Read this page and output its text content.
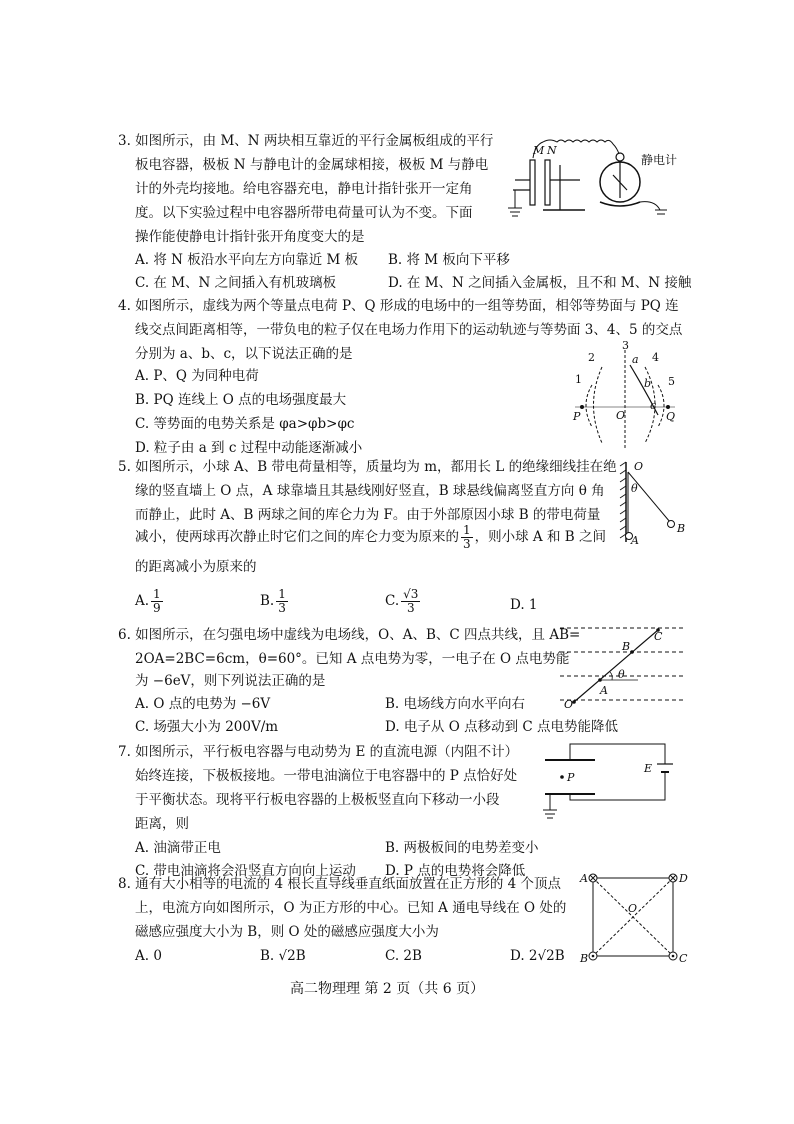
3. 如图所示，由 M、N 两块相互靠近的平行金属板组成的平行
板电容器，极板 N 与静电计的金属球相接，极板 M 与静电
计的外壳均接地。给电容器充电，静电计指针张开一定角
度。以下实验过程中电容器所带电荷量可认为不变。下面
操作能使静电计指针张开角度变大的是
A. 将 N 板沿水平向左方向靠近 M 板 B. 将 M 板向下平移
C. 在 M、N 之间插入有机玻璃板	D. 在 M、N 之间插入金属板，且不和 M、N 接触
M N
静电计
4. 如图所示，虚线为两个等量点电荷 P、Q 形成的电场中的一组等势面，相邻等势面与 PQ 连
线交点间距离相等，一带负电的粒子仅在电场力作用下的运动轨迹与等势面 3、4、5 的交点
分别为 a、b、c，以下说法正确的是
A. P、Q 为同种电荷
B. PQ 连线上 O 点的电场强度最大
C. 等势面的电势关系是 φa>φb>φc
D. 粒子由 a 到 c 过程中动能逐渐减小
1
2
3
4
5
P	Q
O
a
b
c
5. 如图所示，小球 A、B 带电荷量相等，质量均为 m，都用长 L 的绝缘细线挂在绝
缘的竖直墙上 O 点，A 球靠墙且其悬线刚好竖直，B 球悬线偏离竖直方向 θ 角
而静止，此时 A、B 两球之间的库仑力为 F。由于外部原因小球 B 的带电荷量
减小，使两球再次静止时它们之间的库仑力变为原来的 $\frac{1}{3}$ ，则小球 A 和 B 之间
的距离减小为原来的
A. $\frac{1}{9}$	B. $\frac{1}{3}$	C. $\frac{√3}{3}$	D. 1
O
θ
A
B
6. 如图所示，在匀强电场中虚线为电场线，O、A、B、C 四点共线，且 AB=
2OA=2BC=6cm，θ=60°。已知 A 点电势为零，一电子在 O 点电势能
为 −6eV，则下列说法正确的是
A. O 点的电势为 −6V	B. 电场线方向水平向右
C. 场强大小为 200V/m	D. 电子从 O 点移动到 C 点电势能降低
O
A
B
C
θ
7. 如图所示，平行板电容器与电动势为 E 的直流电源（内阻不计）
始终连接，下极板接地。一带电油滴位于电容器中的 P 点恰好处
于平衡状态。现将平行板电容器的上极板竖直向下移动一小段
距离，则
A. 油滴带正电	B. 两极板间的电势差变小
C. 带电油滴将会沿竖直方向向上运动 D. P 点的电势将会降低
P
E
8. 通有大小相等的电流的 4 根长直导线垂直纸面放置在正方形的 4 个顶点
上，电流方向如图所示，O 为正方形的中心。已知 A 通电导线在 O 处的
磁感应强度大小为 B，则 O 处的磁感应强度大小为
A. 0	B. √2B	C. 2B	D. 2√2B
A	D
B	C
O
高二物理理 第 2 页（共 6 页）
